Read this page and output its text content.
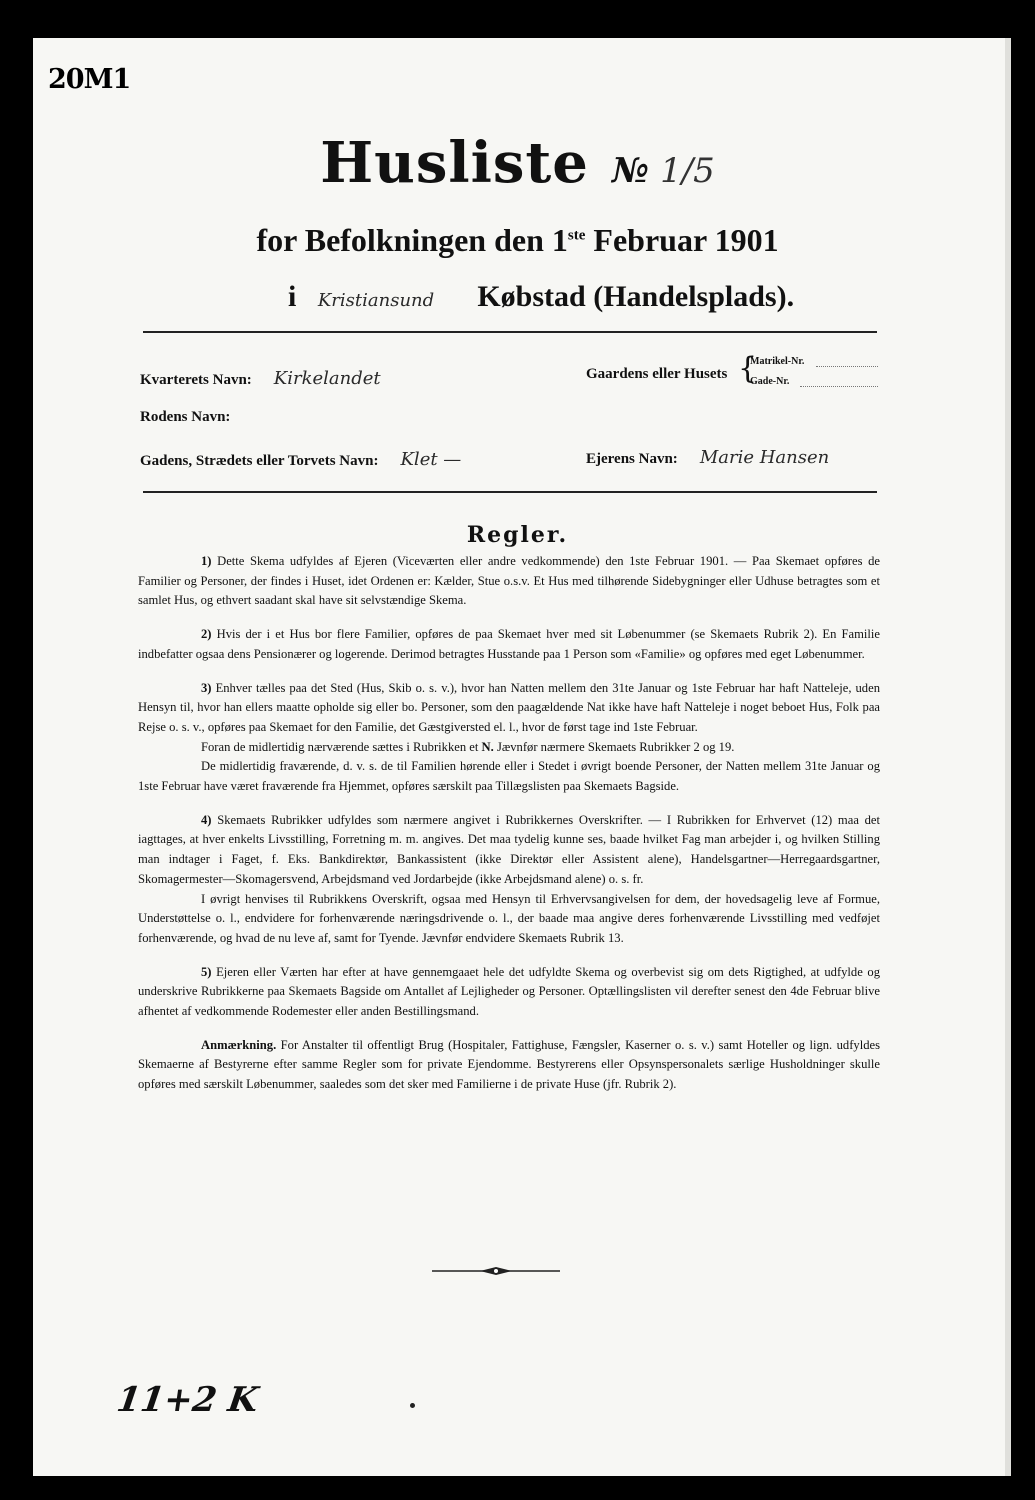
20M1
Husliste № 1/5
for Befolkningen den 1ste Februar 1901
i Kristiansund Købstad (Handelsplads).
Kvarterets Navn: Kirkelandet	Gaardens eller Husets {
Matrikel-Nr.
Gade-Nr.
Rodens Navn:
Gadens, Strædets eller Torvets Navn: Klet —	Ejerens Navn: Marie Hansen
Regler.

1) Dette Skema udfyldes af Ejeren (Viceværten eller andre vedkommende) den 1ste Februar 1901. — Paa Skemaet opføres de Familier og Personer, der findes i Huset, idet Ordenen er: Kælder, Stue o.s.v. Et Hus med tilhørende Sidebygninger eller Udhuse betragtes som et samlet Hus, og ethvert saadant skal have sit selvstændige Skema.

2) Hvis der i et Hus bor flere Familier, opføres de paa Skemaet hver med sit Løbenummer (se Skemaets Rubrik 2). En Familie indbefatter ogsaa dens Pensionærer og logerende. Derimod betragtes Husstande paa 1 Person som «Familie» og opføres med eget Løbenummer.

3) Enhver tælles paa det Sted (Hus, Skib o. s. v.), hvor han Natten mellem den 31te Januar og 1ste Februar har haft Natteleje, uden Hensyn til, hvor han ellers maatte opholde sig eller bo. Personer, som den paagældende Nat ikke have haft Natteleje i noget beboet Hus, Folk paa Rejse o. s. v., opføres paa Skemaet for den Familie, det Gæstgiversted el. l., hvor de først tage ind 1ste Februar.

Foran de midlertidig nærværende sættes i Rubrikken et N. Jævnfør nærmere Skemaets Rubrikker 2 og 19.

De midlertidig fraværende, d. v. s. de til Familien hørende eller i Stedet i øvrigt boende Personer, der Natten mellem 31te Januar og 1ste Februar have været fraværende fra Hjemmet, opføres særskilt paa Tillægslisten paa Skemaets Bagside.

4) Skemaets Rubrikker udfyldes som nærmere angivet i Rubrikkernes Overskrifter. — I Rubrikken for Erhvervet (12) maa det iagttages, at hver enkelts Livsstilling, Forretning m. m. angives. Det maa tydelig kunne ses, baade hvilket Fag man arbejder i, og hvilken Stilling man indtager i Faget, f. Eks. Bankdirektør, Bankassistent (ikke Direktør eller Assistent alene), Handelsgartner—Herregaardsgartner, Skomagermester—Skomagersvend, Arbejdsmand ved Jordarbejde (ikke Arbejdsmand alene) o. s. fr.

I øvrigt henvises til Rubrikkens Overskrift, ogsaa med Hensyn til Erhvervsangivelsen for dem, der hovedsagelig leve af Formue, Understøttelse o. l., endvidere for forhenværende næringsdrivende o. l., der baade maa angive deres forhenværende Livsstilling med vedføjet forhenværende, og hvad de nu leve af, samt for Tyende. Jævnfør endvidere Skemaets Rubrik 13.

5) Ejeren eller Værten har efter at have gennemgaaet hele det udfyldte Skema og overbevist sig om dets Rigtighed, at udfylde og underskrive Rubrikkerne paa Skemaets Bagside om Antallet af Lejligheder og Personer. Optællingslisten vil derefter senest den 4de Februar blive afhentet af vedkommende Rodemester eller anden Bestillingsmand.

Anmærkning. For Anstalter til offentligt Brug (Hospitaler, Fattighuse, Fængsler, Kaserner o. s. v.) samt Hoteller og lign. udfyldes Skemaerne af Bestyrerne efter samme Regler som for private Ejendomme. Bestyrerens eller Opsynspersonalets særlige Husholdninger skulle opføres med særskilt Løbenummer, saaledes som det sker med Familierne i de private Huse (jfr. Rubrik 2).

11+2 K
